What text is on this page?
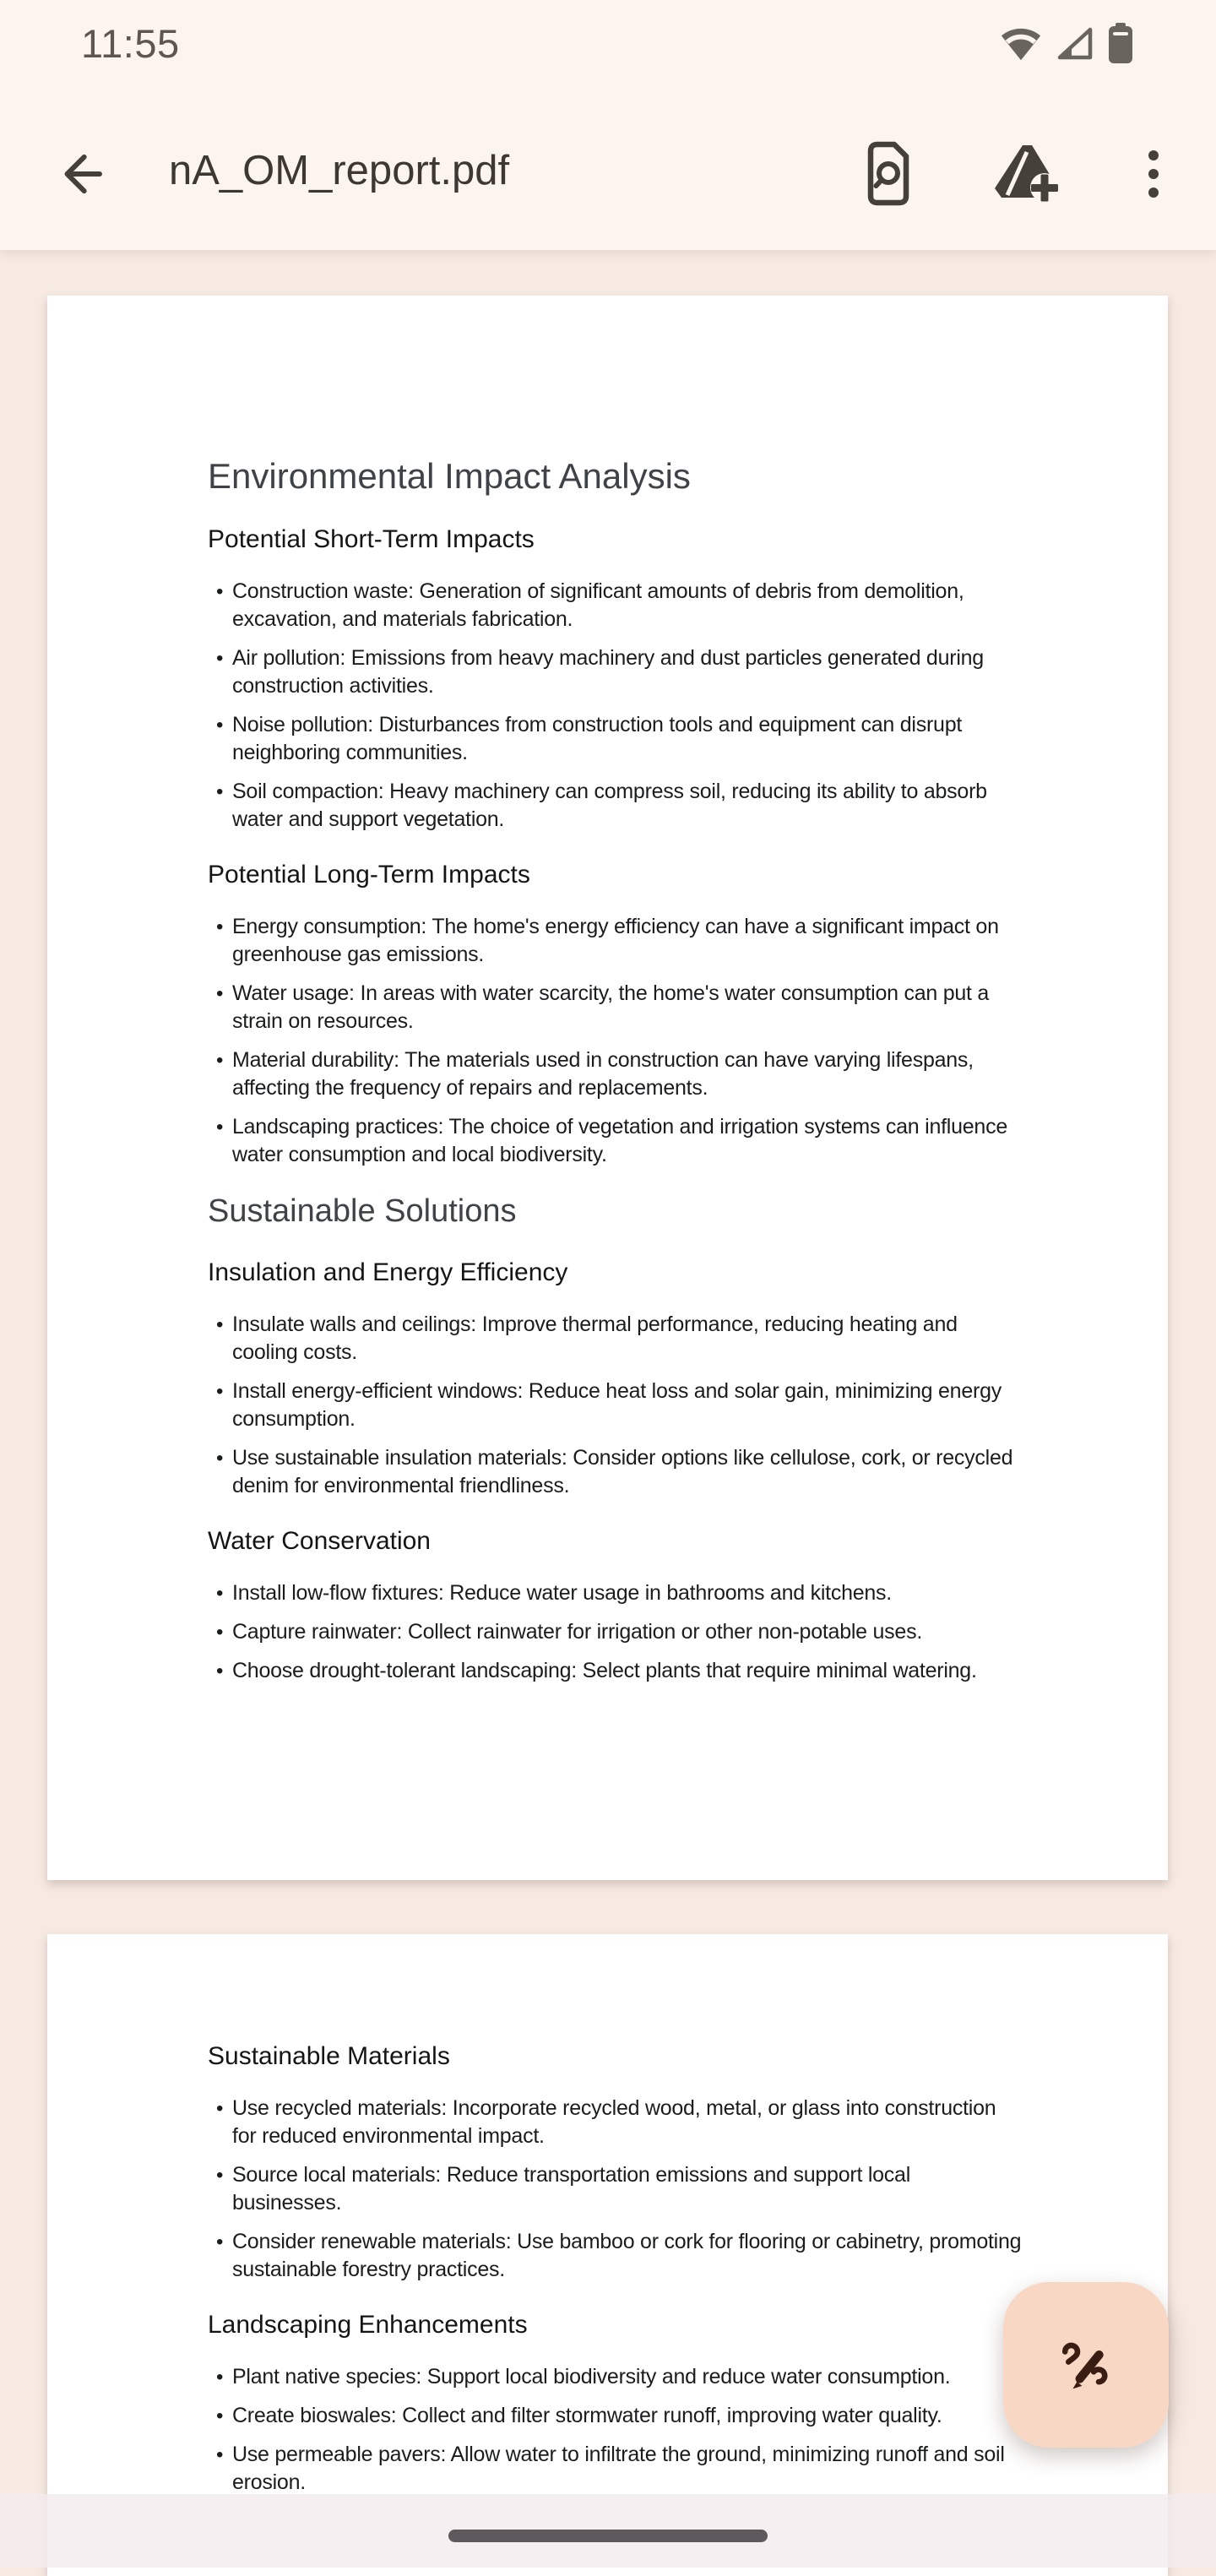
11:55
nA_OM_report.pdf
Environmental Impact Analysis
Potential Short-Term Impacts
• Construction waste: Generation of significant amounts of debris from demolition, excavation, and materials fabrication.
• Air pollution: Emissions from heavy machinery and dust particles generated during construction activities.
• Noise pollution: Disturbances from construction tools and equipment can disrupt neighboring communities.
• Soil compaction: Heavy machinery can compress soil, reducing its ability to absorb water and support vegetation.
Potential Long-Term Impacts
• Energy consumption: The home's energy efficiency can have a significant impact on greenhouse gas emissions.
• Water usage: In areas with water scarcity, the home's water consumption can put a strain on resources.
• Material durability: The materials used in construction can have varying lifespans, affecting the frequency of repairs and replacements.
• Landscaping practices: The choice of vegetation and irrigation systems can influence water consumption and local biodiversity.
Sustainable Solutions
Insulation and Energy Efficiency
• Insulate walls and ceilings: Improve thermal performance, reducing heating and cooling costs.
• Install energy-efficient windows: Reduce heat loss and solar gain, minimizing energy consumption.
• Use sustainable insulation materials: Consider options like cellulose, cork, or recycled denim for environmental friendliness.
Water Conservation
• Install low-flow fixtures: Reduce water usage in bathrooms and kitchens.
• Capture rainwater: Collect rainwater for irrigation or other non-potable uses.
• Choose drought-tolerant landscaping: Select plants that require minimal watering.
Sustainable Materials
• Use recycled materials: Incorporate recycled wood, metal, or glass into construction for reduced environmental impact.
• Source local materials: Reduce transportation emissions and support local businesses.
• Consider renewable materials: Use bamboo or cork for flooring or cabinetry, promoting sustainable forestry practices.
Landscaping Enhancements
• Plant native species: Support local biodiversity and reduce water consumption.
• Create bioswales: Collect and filter stormwater runoff, improving water quality.
• Use permeable pavers: Allow water to infiltrate the ground, minimizing runoff and soil erosion.
